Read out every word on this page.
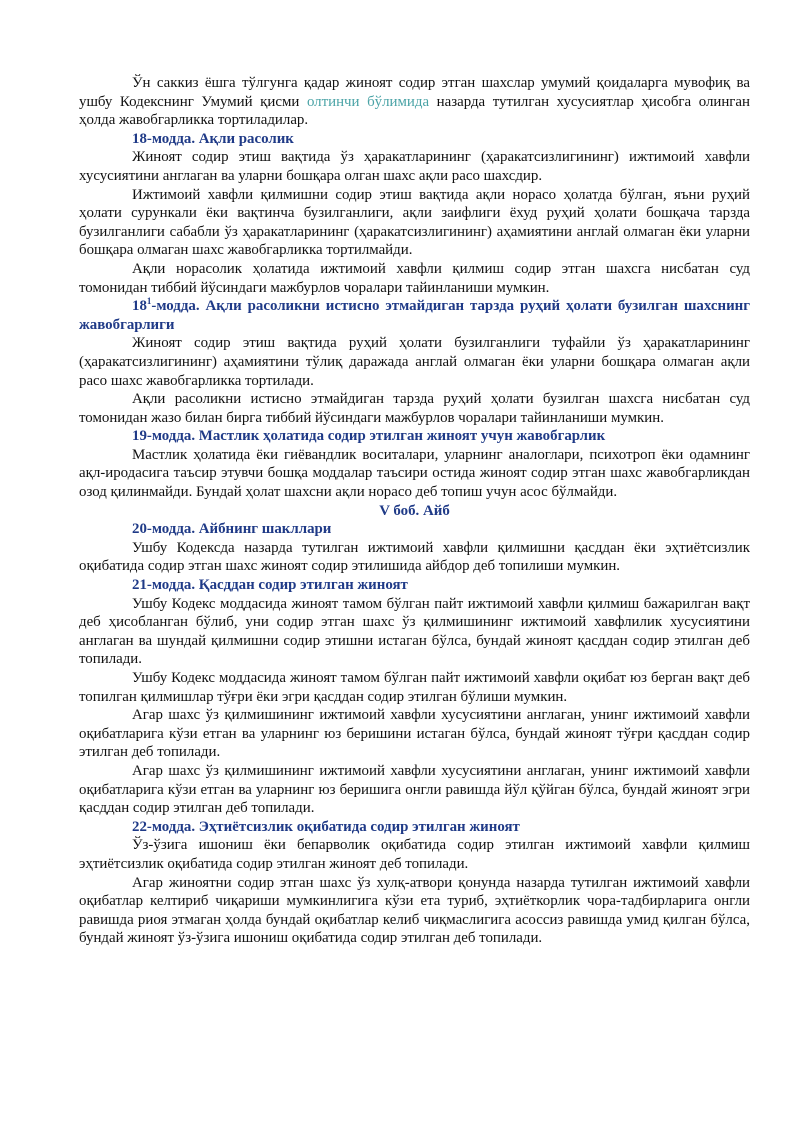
Ўн саккиз ёшга тўлгунга қадар жиноят содир этган шахслар умумий қоидаларга мувофиқ ва ушбу Кодекснинг Умумий қисми олтинчи бўлимида назарда тутилган хусусиятлар ҳисобга олинган ҳолда жавобгарликка тортиладилар.

18-модда. Ақли расолик

Жиноят содир этиш вақтида ўз ҳаракатларининг (ҳаракатсизлигининг) ижтимоий хавфли хусусиятини англаган ва уларни бошқара олган шахс ақли расо шахсдир.

Ижтимоий хавфли қилмишни содир этиш вақтида ақли норасо ҳолатда бўлган, яъни руҳий ҳолати сурункали ёки вақтинча бузилганлиги, ақли заифлиги ёхуд руҳий ҳолати бошқача тарзда бузилганлиги сабабли ўз ҳаракатларининг (ҳаракатсизлигининг) аҳамиятини англай олмаган ёки уларни бошқара олмаган шахс жавобгарликка тортилмайди.

Ақли норасолик ҳолатида ижтимоий хавфли қилмиш содир этган шахсга нисбатан суд томонидан тиббий йўсиндаги мажбурлов чоралари тайинланиши мумкин.

$18^1$-модда. Ақли расоликни истисно этмайдиган тарзда руҳий ҳолати бузилган шахснинг жавобгарлиги

Жиноят содир этиш вақтида руҳий ҳолати бузилганлиги туфайли ўз ҳаракатларининг (ҳаракатсизлигининг) аҳамиятини тўлиқ даражада англай олмаган ёки уларни бошқара олмаган ақли расо шахс жавобгарликка тортилади.

Ақли расоликни истисно этмайдиган тарзда руҳий ҳолати бузилган шахсга нисбатан суд томонидан жазо билан бирга тиббий йўсиндаги мажбурлов чоралари тайинланиши мумкин.

19-модда. Мастлик ҳолатида содир этилган жиноят учун жавобгарлик

Мастлик ҳолатида ёки гиёвандлик воситалари, уларнинг аналоглари, психотроп ёки одамнинг ақл-иродасига таъсир этувчи бошқа моддалар таъсири остида жиноят содир этган шахс жавобгарликдан озод қилинмайди. Бундай ҳолат шахсни ақли норасо деб топиш учун асос бўлмайди.

V боб. Айб
20-модда. Айбнинг шакллари

Ушбу Кодексда назарда тутилган ижтимоий хавфли қилмишни қасддан ёки эҳтиётсизлик оқибатида содир этган шахс жиноят содир этилишида айбдор деб топилиши мумкин.

21-модда. Қасддан содир этилган жиноят

Ушбу Кодекс моддасида жиноят тамом бўлган пайт ижтимоий хавфли қилмиш бажарилган вақт деб ҳисобланган бўлиб, уни содир этган шахс ўз қилмишининг ижтимоий хавфлилик хусусиятини англаган ва шундай қилмишни содир этишни истаган бўлса, бундай жиноят қасддан содир этилган деб топилади.

Ушбу Кодекс моддасида жиноят тамом бўлган пайт ижтимоий хавфли оқибат юз берган вақт деб топилган қилмишлар тўғри ёки эгри қасддан содир этилган бўлиши мумкин.

Агар шахс ўз қилмишининг ижтимоий хавфли хусусиятини англаган, унинг ижтимоий хавфли оқибатларига кўзи етган ва уларнинг юз беришини истаган бўлса, бундай жиноят тўғри қасддан содир этилган деб топилади.

Агар шахс ўз қилмишининг ижтимоий хавфли хусусиятини англаган, унинг ижтимоий хавфли оқибатларига кўзи етган ва уларнинг юз беришига онгли равишда йўл қўйган бўлса, бундай жиноят эгри қасддан содир этилган деб топилади.

22-модда. Эҳтиётсизлик оқибатида содир этилган жиноят

Ўз-ўзига ишониш ёки бепарволик оқибатида содир этилган ижтимоий хавфли қилмиш эҳтиётсизлик оқибатида содир этилган жиноят деб топилади.

Агар жиноятни содир этган шахс ўз хулқ-атвори қонунда назарда тутилган ижтимоий хавфли оқибатлар келтириб чиқариши мумкинлигига кўзи ета туриб, эҳтиёткорлик чора-тадбирларига онгли равишда риоя этмаган ҳолда бундай оқибатлар келиб чиқмаслигига асоссиз равишда умид қилган бўлса, бундай жиноят ўз-ўзига ишониш оқибатида содир этилган деб топилади.
